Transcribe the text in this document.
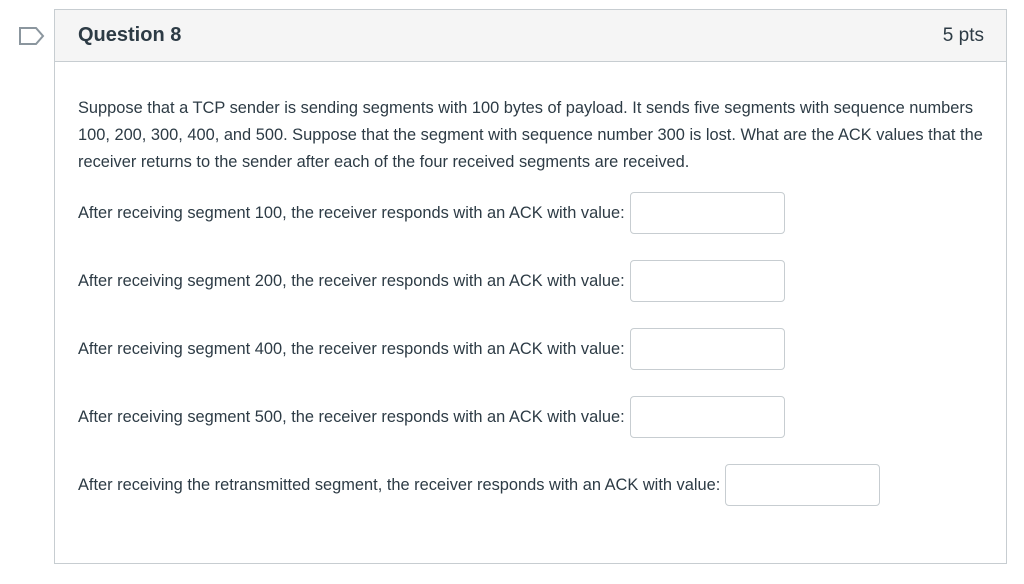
Question 8	5 pts

Suppose that a TCP sender is sending segments with 100 bytes of payload. It sends five segments with sequence numbers 100, 200, 300, 400, and 500. Suppose that the segment with sequence number 300 is lost. What are the ACK values that the receiver returns to the sender after each of the four received segments are received.

After receiving segment 100, the receiver responds with an ACK with value:
After receiving segment 200, the receiver responds with an ACK with value:
After receiving segment 400, the receiver responds with an ACK with value:
After receiving segment 500, the receiver responds with an ACK with value:
After receiving the retransmitted segment, the receiver responds with an ACK with value:
